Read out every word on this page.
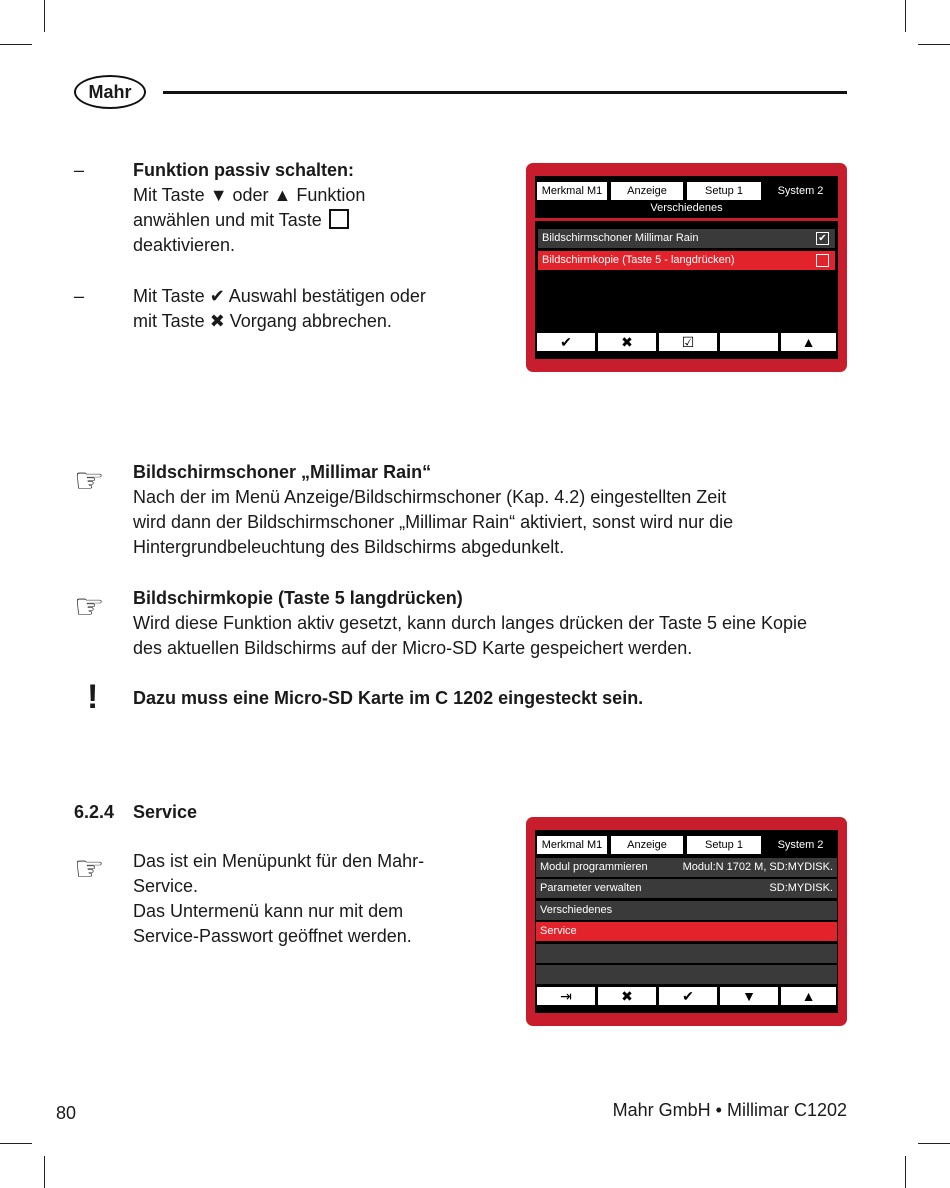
Mahr
–	Funktion passiv schalten:
Mit Taste ▼ oder ▲ Funktion
anwählen und mit Taste
deaktivieren.
–	Mit Taste ✔ Auswahl bestätigen oder
mit Taste ✖ Vorgang abbrechen.
Merkmal M1	Anzeige	Setup 1	System 2
Verschiedenes
Bildschirmschoner Millimar Rain	✔
Bildschirmkopie (Taste 5 - langdrücken)
✔	✖	☑	▲
☞ Bildschirmschoner „Millimar Rain“
Nach der im Menü Anzeige/Bildschirmschoner (Kap. 4.2) eingestellten Zeit
wird dann der Bildschirmschoner „Millimar Rain“ aktiviert, sonst wird nur die
Hintergrundbeleuchtung des Bildschirms abgedunkelt.
☞ Bildschirmkopie (Taste 5 langdrücken)
Wird diese Funktion aktiv gesetzt, kann durch langes drücken der Taste 5 eine Kopie
des aktuellen Bildschirms auf der Micro-SD Karte gespeichert werden.
! Dazu muss eine Micro-SD Karte im C 1202 eingesteckt sein.
6.2.4 Service
☞ Das ist ein Menüpunkt für den Mahr-
Service.
Das Untermenü kann nur mit dem
Service-Passwort geöffnet werden.
Merkmal M1	Anzeige	Setup 1	System 2
Modul programmieren	Modul:N 1702 M, SD:MYDISK.
Parameter verwalten	SD:MYDISK.
Verschiedenes
Service
⇥	✖	✔	▼	▲
80	Mahr GmbH • Millimar C1202
